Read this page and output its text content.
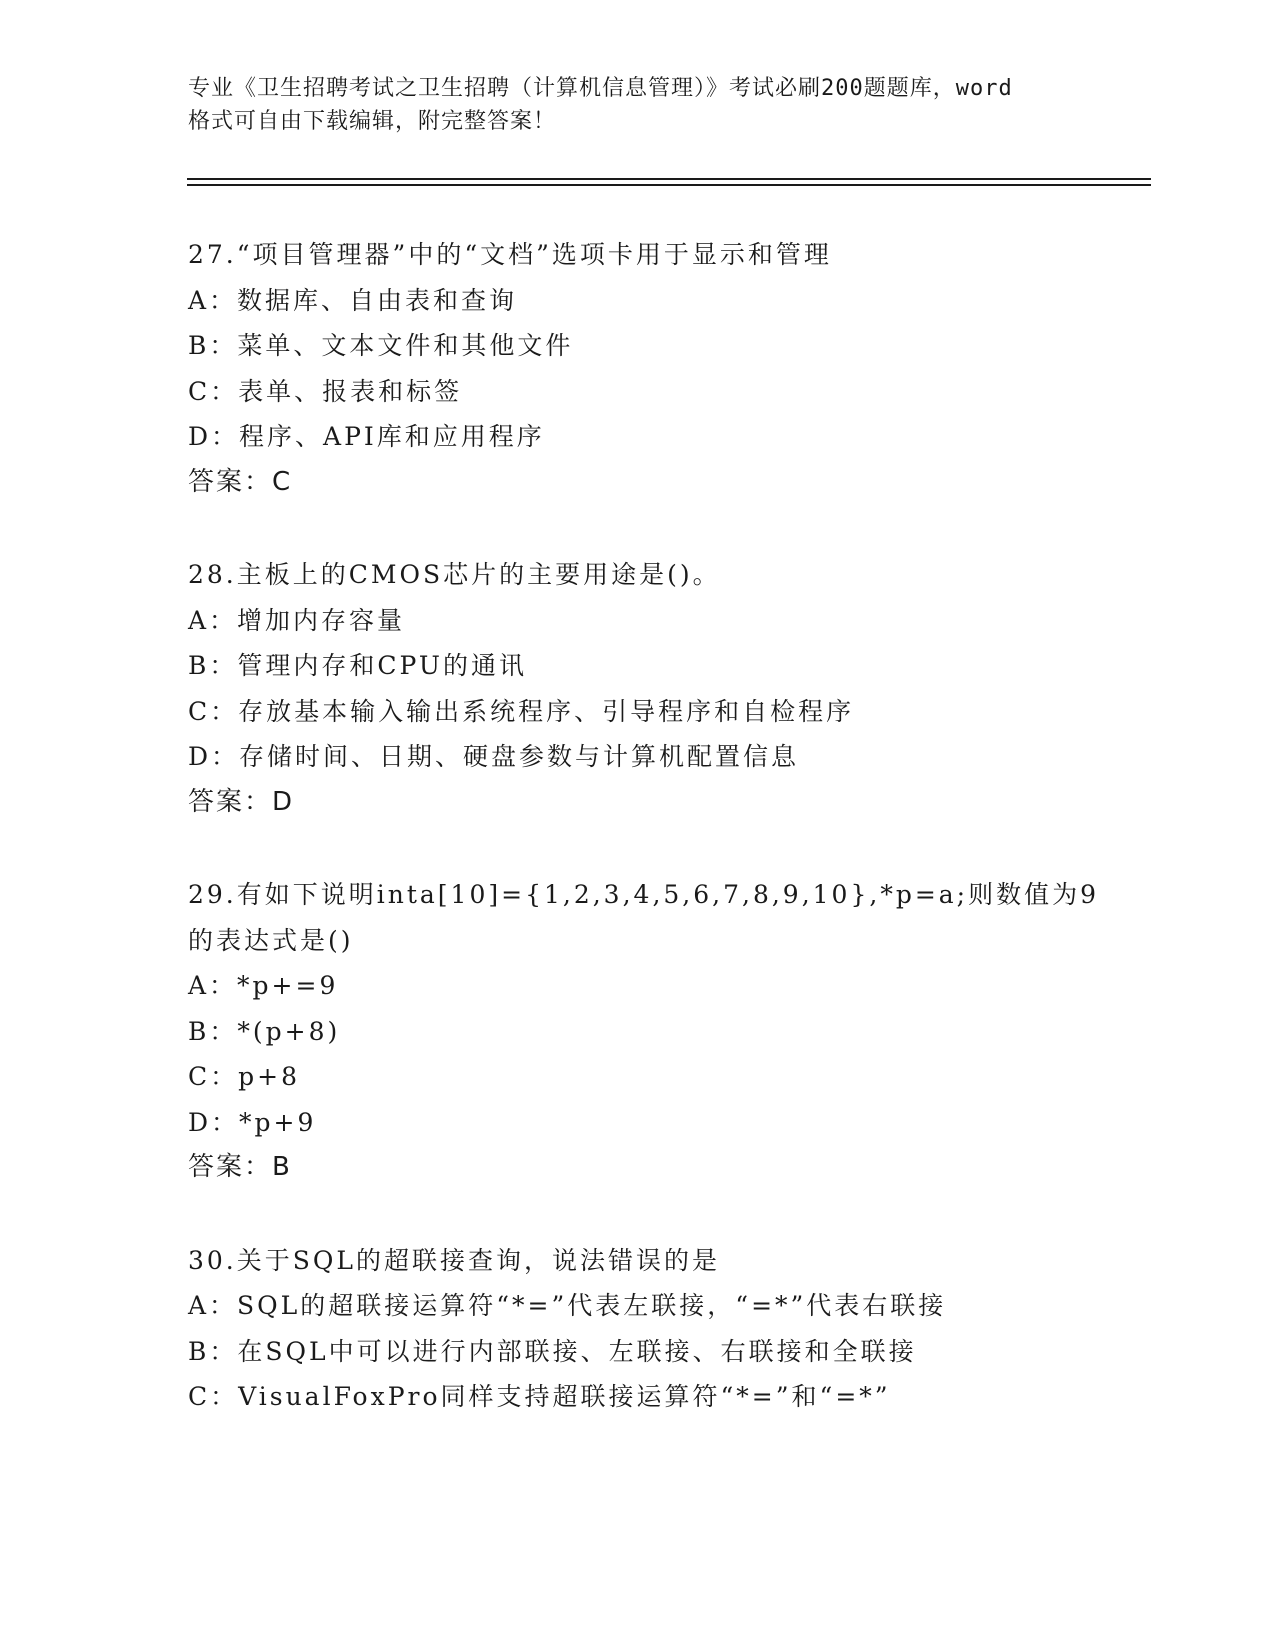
专业《卫生招聘考试之卫生招聘（计算机信息管理）》考试必刷200题题库，word
格式可自由下载编辑，附完整答案！
27.“项目管理器”中的“文档”选项卡用于显示和管理
A：数据库、自由表和查询
B：菜单、文本文件和其他文件
C：表单、报表和标签
D：程序、API库和应用程序
答案：C
28.主板上的CMOS芯片的主要用途是()。
A：增加内存容量
B：管理内存和CPU的通讯
C：存放基本输入输出系统程序、引导程序和自检程序
D：存储时间、日期、硬盘参数与计算机配置信息
答案：D
29.有如下说明inta[10]={1,2,3,4,5,6,7,8,9,10},*p=a;则数值为9的表达式是()
A：*p+=9
B：*(p+8)
C：p+8
D：*p+9
答案：B
30.关于SQL的超联接查询，说法错误的是
A：SQL的超联接运算符“*=”代表左联接，“=*”代表右联接
B：在SQL中可以进行内部联接、左联接、右联接和全联接
C：VisualFoxPro同样支持超联接运算符“*=”和“=*”
